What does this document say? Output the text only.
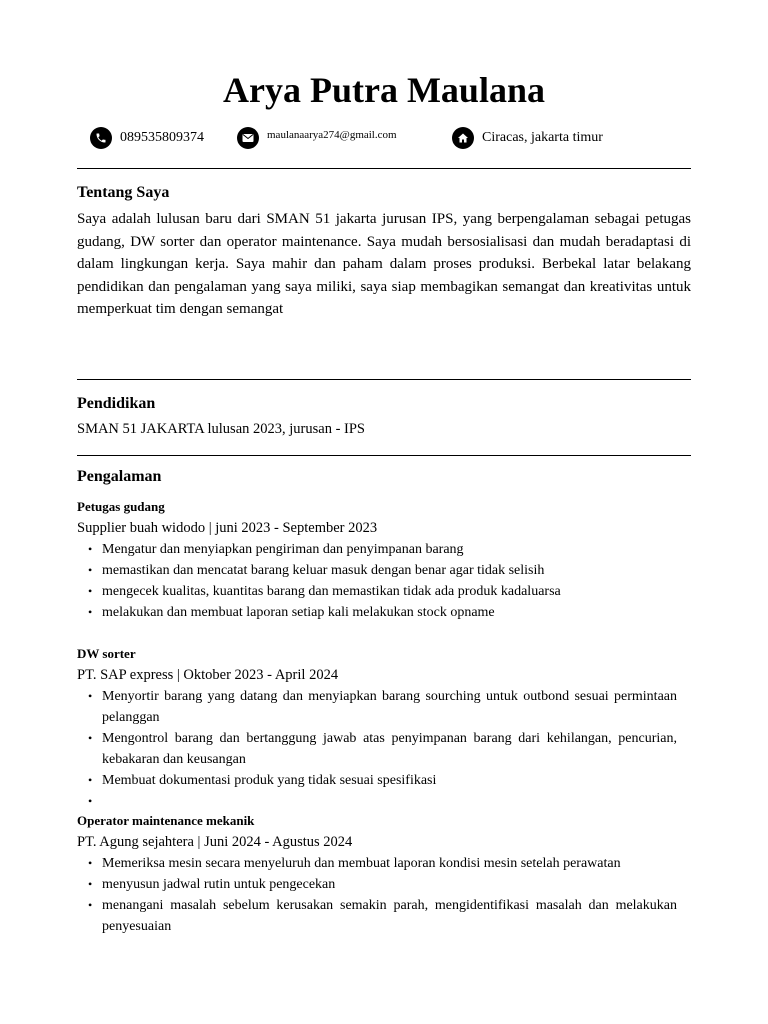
Arya Putra Maulana
089535809374	maulanaarya274@gmail.com	Ciracas, jakarta timur
Tentang Saya

Saya adalah lulusan baru dari SMAN 51 jakarta jurusan IPS, yang berpengalaman sebagai petugas gudang, DW sorter dan operator maintenance. Saya mudah bersosialisasi dan mudah beradaptasi di dalam lingkungan kerja. Saya mahir dan paham dalam proses produksi. Berbekal latar belakang pendidikan dan pengalaman yang saya miliki, saya siap membagikan semangat dan kreativitas untuk memperkuat tim dengan semangat

Pendidikan
SMAN 51 JAKARTA lulusan 2023, jurusan - IPS
Pengalaman
Petugas gudang
Supplier buah widodo | juni 2023 - September 2023
• Mengatur dan menyiapkan pengiriman dan penyimpanan barang
• memastikan dan mencatat barang keluar masuk dengan benar agar tidak selisih
• mengecek kualitas, kuantitas barang dan memastikan tidak ada produk kadaluarsa
• melakukan dan membuat laporan setiap kali melakukan stock opname
DW sorter
PT. SAP express | Oktober 2023 - April 2024
• Menyortir barang yang datang dan menyiapkan barang sourching untuk outbond sesuai permintaan pelanggan
• Mengontrol barang dan bertanggung jawab atas penyimpanan barang dari kehilangan, pencurian, kebakaran dan keusangan
• Membuat dokumentasi produk yang tidak sesuai spesifikasi
•
Operator maintenance mekanik
PT. Agung sejahtera | Juni 2024 - Agustus 2024
• Memeriksa mesin secara menyeluruh dan membuat laporan kondisi mesin setelah perawatan
• menyusun jadwal rutin untuk pengecekan
• menangani masalah sebelum kerusakan semakin parah, mengidentifikasi masalah dan melakukan penyesuaian
